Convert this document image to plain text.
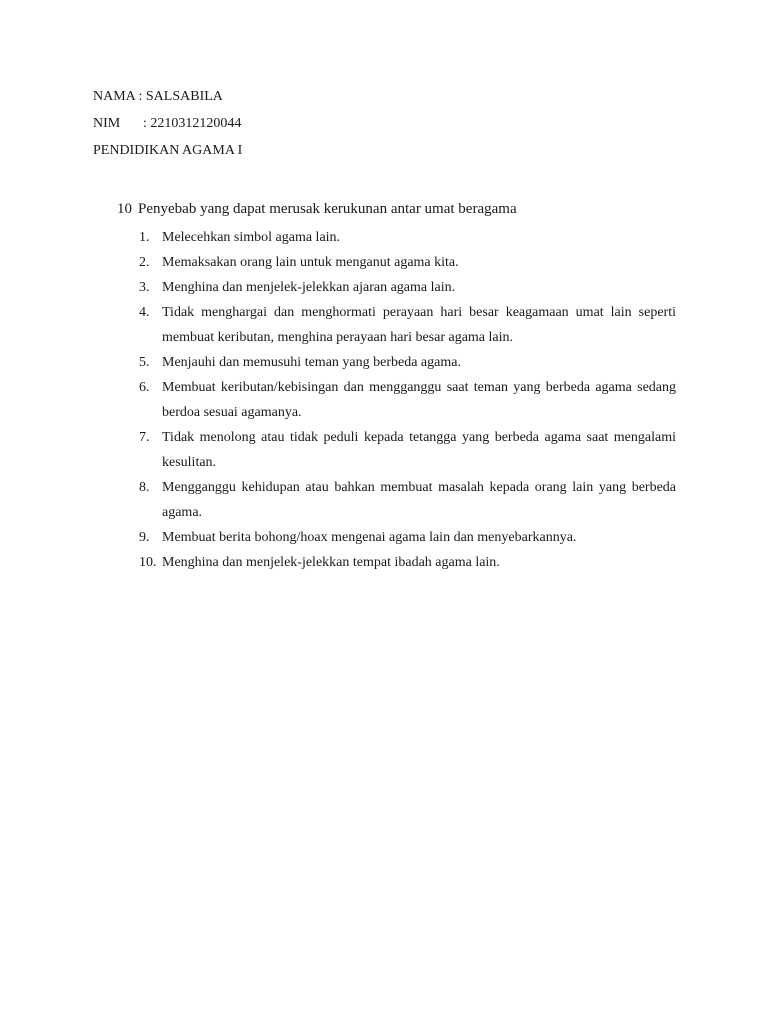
NAMA : SALSABILA
NIM : 2210312120044
PENDIDIKAN AGAMA I
10 Penyebab yang dapat merusak kerukunan antar umat beragama
1. Melecehkan simbol agama lain.
2. Memaksakan orang lain untuk menganut agama kita.
3. Menghina dan menjelek-jelekkan ajaran agama lain.
4. Tidak menghargai dan menghormati perayaan hari besar keagamaan umat lain seperti membuat keributan, menghina perayaan hari besar agama lain.
5. Menjauhi dan memusuhi teman yang berbeda agama.
6. Membuat keributan/kebisingan dan mengganggu saat teman yang berbeda agama sedang berdoa sesuai agamanya.
7. Tidak menolong atau tidak peduli kepada tetangga yang berbeda agama saat mengalami kesulitan.
8. Mengganggu kehidupan atau bahkan membuat masalah kepada orang lain yang berbeda agama.
9. Membuat berita bohong/hoax mengenai agama lain dan menyebarkannya.
10. Menghina dan menjelek-jelekkan tempat ibadah agama lain.
